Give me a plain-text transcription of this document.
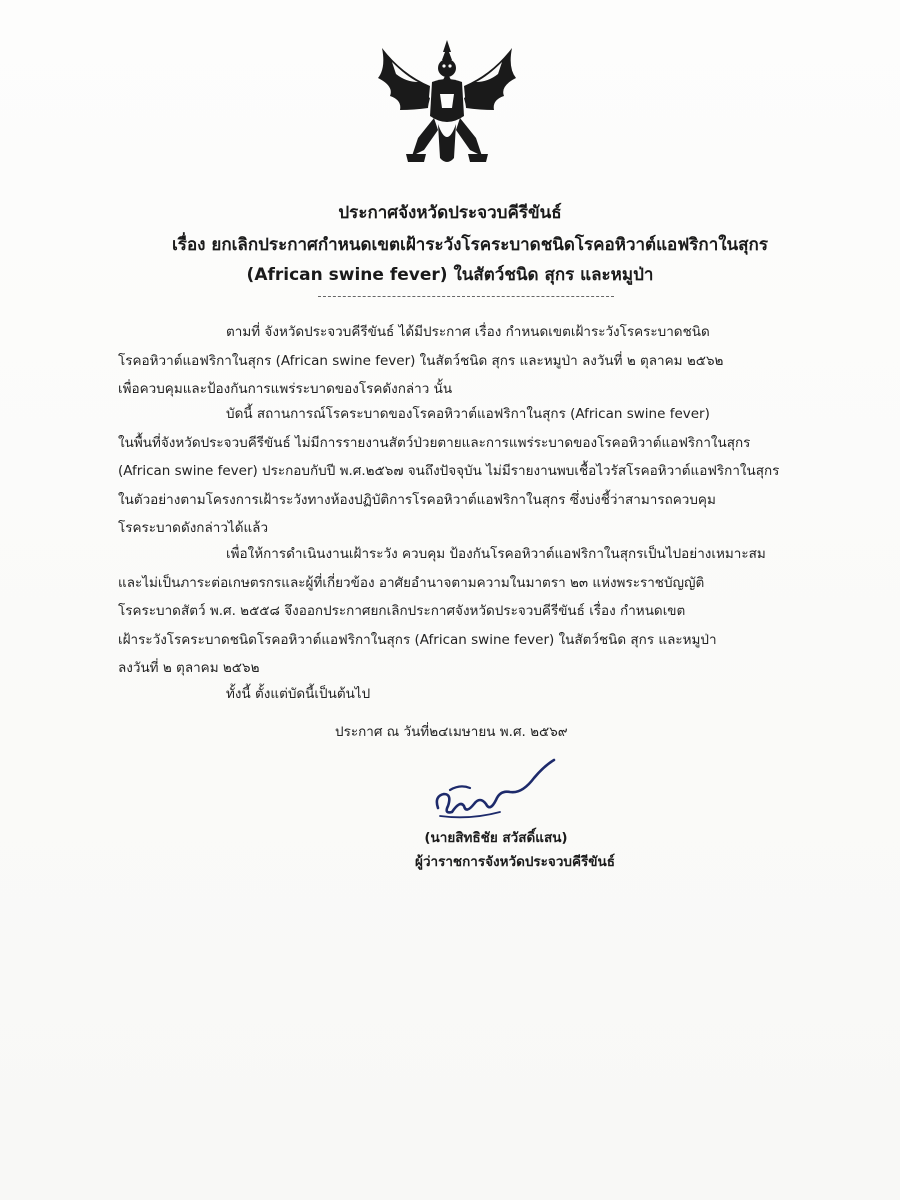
ประกาศจังหวัดประจวบคีรีขันธ์
เรื่อง ยกเลิกประกาศกำหนดเขตเฝ้าระวังโรคระบาดชนิดโรคอหิวาต์แอฟริกาในสุกร
(African swine fever) ในสัตว์ชนิด สุกร และหมูป่า
ตามที่ จังหวัดประจวบคีรีขันธ์ ได้มีประกาศ เรื่อง กำหนดเขตเฝ้าระวังโรคระบาดชนิด
โรคอหิวาต์แอฟริกาในสุกร (African swine fever) ในสัตว์ชนิด สุกร และหมูป่า ลงวันที่ ๒ ตุลาคม ๒๕๖๒
เพื่อควบคุมและป้องกันการแพร่ระบาดของโรคดังกล่าว นั้น
บัดนี้ สถานการณ์โรคระบาดของโรคอหิวาต์แอฟริกาในสุกร (African swine fever)
ในพื้นที่จังหวัดประจวบคีรีขันธ์ ไม่มีการรายงานสัตว์ป่วยตายและการแพร่ระบาดของโรคอหิวาต์แอฟริกาในสุกร
(African swine fever) ประกอบกับปี พ.ศ.๒๕๖๗ จนถึงปัจจุบัน ไม่มีรายงานพบเชื้อไวรัสโรคอหิวาต์แอฟริกาในสุกร
ในตัวอย่างตามโครงการเฝ้าระวังทางห้องปฏิบัติการโรคอหิวาต์แอฟริกาในสุกร ซึ่งบ่งชี้ว่าสามารถควบคุม
โรคระบาดดังกล่าวได้แล้ว
เพื่อให้การดำเนินงานเฝ้าระวัง ควบคุม ป้องกันโรคอหิวาต์แอฟริกาในสุกรเป็นไปอย่างเหมาะสม
และไม่เป็นภาระต่อเกษตรกรและผู้ที่เกี่ยวข้อง อาศัยอำนาจตามความในมาตรา ๒๓ แห่งพระราชบัญญัติ
โรคระบาดสัตว์ พ.ศ. ๒๕๕๘ จึงออกประกาศยกเลิกประกาศจังหวัดประจวบคีรีขันธ์ เรื่อง กำหนดเขต
เฝ้าระวังโรคระบาดชนิดโรคอหิวาต์แอฟริกาในสุกร (African swine fever) ในสัตว์ชนิด สุกร และหมูป่า
ลงวันที่ ๒ ตุลาคม ๒๕๖๒
ทั้งนี้ ตั้งแต่บัดนี้เป็นต้นไป
ประกาศ ณ วันที่๒๔เมษายน พ.ศ. ๒๕๖๙
(นายสิทธิชัย สวัสดิ์แสน)
ผู้ว่าราชการจังหวัดประจวบคีรีขันธ์
